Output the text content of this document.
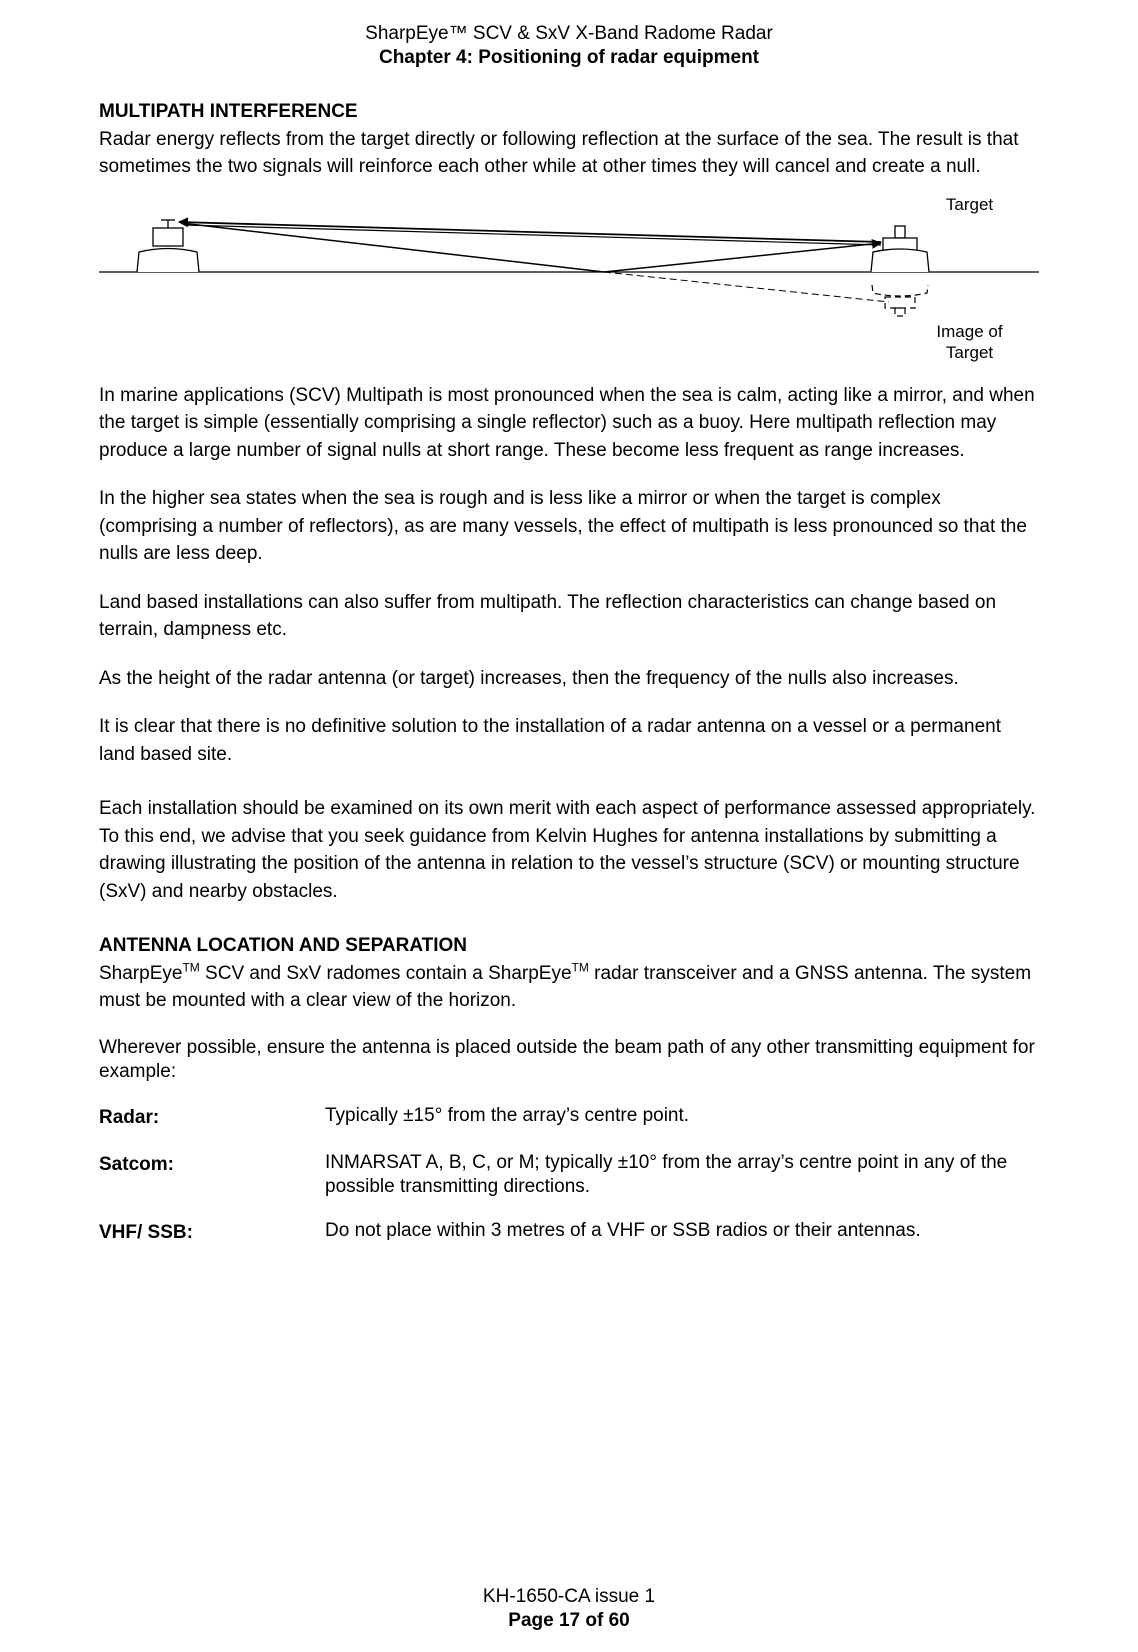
SharpEye™ SCV & SxV X-Band Radome Radar
Chapter 4: Positioning of radar equipment
MULTIPATH INTERFERENCE

Radar energy reflects from the target directly or following reflection at the surface of the sea. The result is that sometimes the two signals will reinforce each other while at other times they will cancel and create a null.

Target
Image of
Target

In marine applications (SCV) Multipath is most pronounced when the sea is calm, acting like a mirror, and when the target is simple (essentially comprising a single reflector) such as a buoy. Here multipath reflection may produce a large number of signal nulls at short range. These become less frequent as range increases.

In the higher sea states when the sea is rough and is less like a mirror or when the target is complex (comprising a number of reflectors), as are many vessels, the effect of multipath is less pronounced so that the nulls are less deep.

Land based installations can also suffer from multipath. The reflection characteristics can change based on terrain, dampness etc.

As the height of the radar antenna (or target) increases, then the frequency of the nulls also increases.

It is clear that there is no definitive solution to the installation of a radar antenna on a vessel or a permanent land based site.

Each installation should be examined on its own merit with each aspect of performance assessed appropriately. To this end, we advise that you seek guidance from Kelvin Hughes for antenna installations by submitting a drawing illustrating the position of the antenna in relation to the vessel’s structure (SCV) or mounting structure (SxV) and nearby obstacles.

ANTENNA LOCATION AND SEPARATION

SharpEye™ SCV and SxV radomes contain a SharpEye™ radar transceiver and a GNSS antenna. The system must be mounted with a clear view of the horizon.

Wherever possible, ensure the antenna is placed outside the beam path of any other transmitting equipment for example:

Radar:	Typically ±15° from the array’s centre point.
Satcom:	INMARSAT A, B, C, or M; typically ±10° from the array’s centre point in any of the possible transmitting directions.
VHF/ SSB:	Do not place within 3 metres of a VHF or SSB radios or their antennas.
KH-1650-CA issue 1
Page 17 of 60
